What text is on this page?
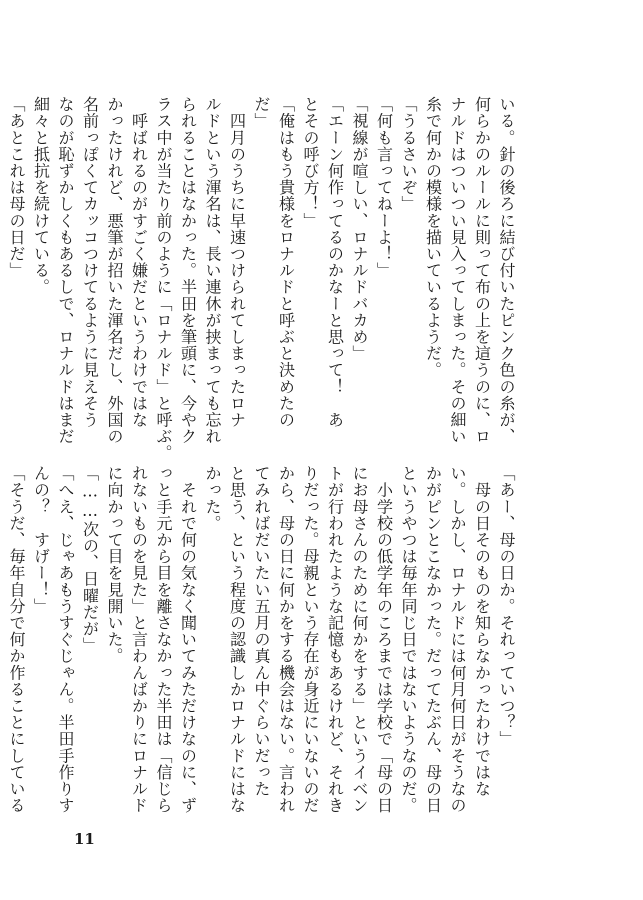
いる。針の後ろに結び付いたピンク色の糸が、

何らかのルールに則って布の上を這うのに、ロ

ナルドはついつい見入ってしまった。その細い

糸で何かの模様を描いているようだ。

「うるさいぞ」

「何も言ってねーよ！」

「視線が喧しい、ロナルドバカめ」

「エーン何作ってるのかなーと思って！　あ

とその呼び方！」

「俺はもう貴様をロナルドと呼ぶと決めたの

だ」

　四月のうちに早速つけられてしまったロナ

ルドという渾名は、長い連休が挟まっても忘れ

られることはなかった。半田を筆頭に、今やク

ラス中が当たり前のように「ロナルド」と呼ぶ。

　呼ばれるのがすごく嫌だというわけではな

かったけれど、悪筆が招いた渾名だし、外国の

名前っぽくてカッコつけてるように見えそう

なのが恥ずかしくもあるしで、ロナルドはまだ

細々と抵抗を続けている。

「あとこれは母の日だ」

「あー、母の日か。それっていつ？」

　母の日そのものを知らなかったわけではな

い。しかし、ロナルドには何月何日がそうなの

かがピンとこなかった。だってたぶん、母の日

というやつは毎年同じ日ではないようなのだ。

　小学校の低学年のころまでは学校で「母の日

にお母さんのために何かをする」というイベン

トが行われたような記憶もあるけれど、それき

りだった。母親という存在が身近にいないのだ

から、母の日に何かをする機会はない。言われ

てみればだいたい五月の真ん中ぐらいだった

と思う、という程度の認識しかロナルドにはな

かった。

　それで何の気なく聞いてみただけなのに、ず

っと手元から目を離さなかった半田は「信じら

れないものを見た」と言わんばかりにロナルド

に向かって目を見開いた。

「……次の、日曜だが」

「へえ、じゃあもうすぐじゃん。半田手作りす

んの？　すげー！」

「そうだ、毎年自分で何か作ることにしている

11
